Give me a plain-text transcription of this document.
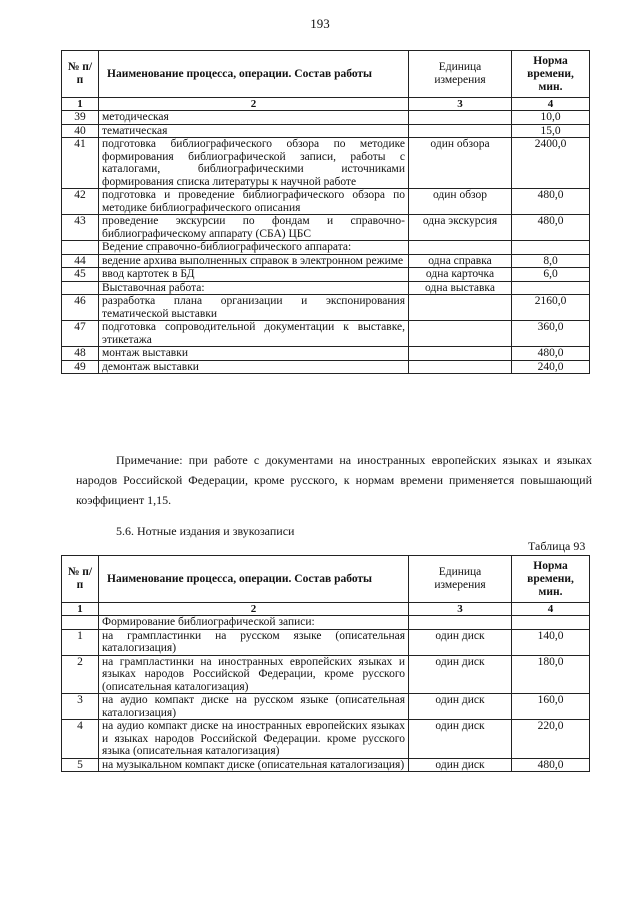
193
№ п/п	Наименование процесса, операции. Состав работы	Единица измерения	Норма времени, мин.
1	2	3	4
39	методическая		10,0
40	тематическая		15,0
41	подготовка библиографического обзора по методике формирования библиографической записи, работы с каталогами, библиографическими источниками формирования списка литературы к научной работе	один обзора	2400,0
42	подготовка и проведение библиографического обзора по методике библиографического описания	один обзор	480,0
43	проведение экскурсии по фондам и справочно-библиографическому аппарату (СБА) ЦБС	одна экскурсия	480,0
	Ведение справочно-библиографического аппарата:		
44	ведение архива выполненных справок в электронном режиме	одна справка	8,0
45	ввод картотек в БД	одна карточка	6,0
	Выставочная работа:	одна выставка	
46	разработка плана организации и экспонирования тематической выставки		2160,0
47	подготовка сопроводительной документации к выставке, этикетажа		360,0
48	монтаж выставки		480,0
49	демонтаж выставки		240,0
Примечание: при работе с документами на иностранных европейских языках и языках народов Российской Федерации, кроме русского, к нормам времени применяется повышающий коэффициент 1,15.
5.6. Нотные издания и звукозаписи
Таблица 93
№ п/п	Наименование процесса, операции. Состав работы	Единица измерения	Норма времени, мин.
1	2	3	4
	Формирование библиографической записи:		
1	на грампластинки на русском языке (описательная каталогизация)	один диск	140,0
2	на грампластинки на иностранных европейских языках и языках народов Российской Федерации, кроме русского (описательная каталогизация)	один диск	180,0
3	на аудио компакт диске на русском языке (описательная каталогизация)	один диск	160,0
4	на аудио компакт диске на иностранных европейских языках и языках народов Российской Федерации. кроме русского языка (описательная каталогизация)	один диск	220,0
5	на музыкальном компакт диске (описательная каталогизация)	один диск	480,0
